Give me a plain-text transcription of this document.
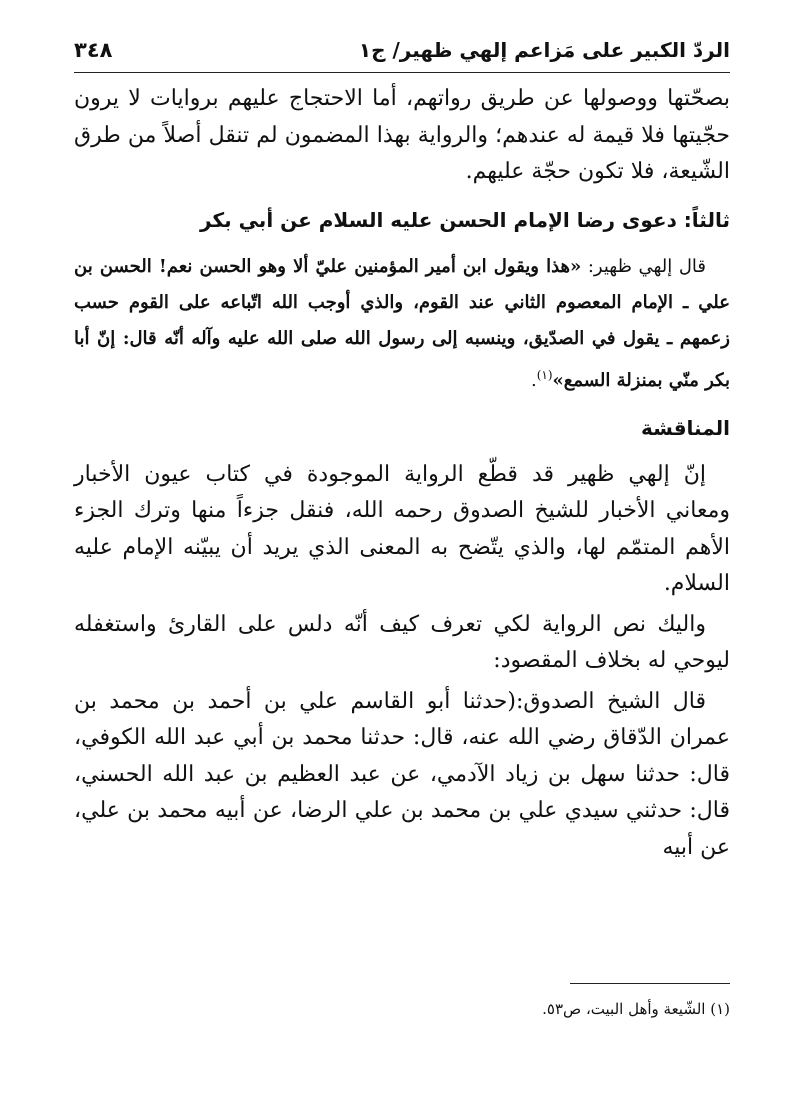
الردّ الكبير على مَزاعم إلهي ظهير/ ج١
٣٤٨

بصحّتها ووصولها عن طريق رواتهم، أما الاحتجاج عليهم بروايات لا يرون حجّيتها فلا قيمة له عندهم؛ والرواية بهذا المضمون لم تنقل أصلاً من طرق الشّيعة، فلا تكون حجّة عليهم.

ثالثاً: دعوى رضا الإمام الحسن عليه السلام عن أبي بكر

قال إلهي ظهير: «هذا ويقول ابن أمير المؤمنين عليّ ألا وهو الحسن نعم! الحسن بن علي ـ الإمام المعصوم الثاني عند القوم، والذي أوجب الله اتّباعه على القوم حسب زعمهم ـ يقول في الصدّيق، وينسبه إلى رسول الله صلى الله عليه وآله أنّه قال: إنّ أبا بكر منّي بمنزلة السمع»$^{(١)}$.

المناقشة

إنّ إلهي ظهير قد قطّع الرواية الموجودة في كتاب عيون الأخبار ومعاني الأخبار للشيخ الصدوق رحمه الله، فنقل جزءاً منها وترك الجزء الأهم المتمّم لها، والذي يتّضح به المعنى الذي يريد أن يبيّنه الإمام عليه السلام.

واليك نص الرواية لكي تعرف كيف أنّه دلس على القارئ واستغفله ليوحي له بخلاف المقصود:

قال الشيخ الصدوق:(حدثنا أبو القاسم علي بن أحمد بن محمد بن عمران الدّقاق رضي الله عنه، قال: حدثنا محمد بن أبي عبد الله الكوفي، قال: حدثنا سهل بن زياد الآدمي، عن عبد العظيم بن عبد الله الحسني، قال: حدثني سيدي علي بن محمد بن علي الرضا، عن أبيه محمد بن علي، عن أبيه

(١) الشّيعة وأهل البيت، ص٥٣.
